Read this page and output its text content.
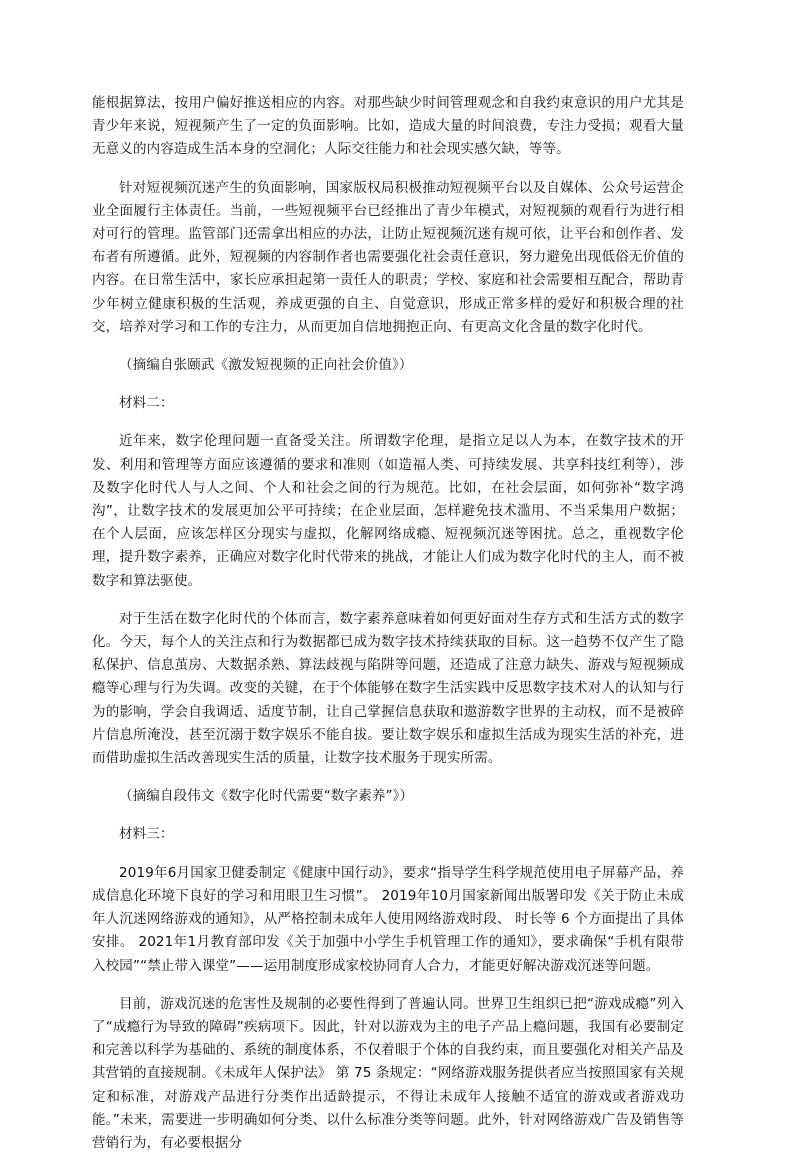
能根据算法，按用户偏好推送相应的内容。对那些缺少时间管理观念和自我约束意识的用户尤其是青少年来说，短视频产生了一定的负面影响。比如，造成大量的时间浪费，专注力受损；观看大量无意义的内容造成生活本身的空洞化；人际交往能力和社会现实感欠缺，等等。

针对短视频沉迷产生的负面影响，国家版权局积极推动短视频平台以及自媒体、公众号运营企业全面履行主体责任。当前，一些短视频平台已经推出了青少年模式，对短视频的观看行为进行相对可行的管理。监管部门还需拿出相应的办法，让防止短视频沉迷有规可依，让平台和创作者、发布者有所遵循。此外，短视频的内容制作者也需要强化社会责任意识，努力避免出现低俗无价值的内容。在日常生活中，家长应承担起第一责任人的职责；学校、家庭和社会需要相互配合，帮助青少年树立健康积极的生活观，养成更强的自主、自觉意识，形成正常多样的爱好和积极合理的社交，培养对学习和工作的专注力，从而更加自信地拥抱正向、有更高文化含量的数字化时代。

（摘编自张颐武《激发短视频的正向社会价值》）

材料二：

近年来，数字伦理问题一直备受关注。所谓数字伦理，是指立足以人为本，在数字技术的开发、利用和管理等方面应该遵循的要求和准则（如造福人类、可持续发展、共享科技红利等），涉及数字化时代人与人之间、个人和社会之间的行为规范。比如，在社会层面，如何弥补“数字鸿沟”，让数字技术的发展更加公平可持续；在企业层面，怎样避免技术滥用、不当采集用户数据；在个人层面，应该怎样区分现实与虚拟，化解网络成瘾、短视频沉迷等困扰。总之，重视数字伦理，提升数字素养，正确应对数字化时代带来的挑战，才能让人们成为数字化时代的主人，而不被数字和算法驱使。

对于生活在数字化时代的个体而言，数字素养意味着如何更好面对生存方式和生活方式的数字化。今天，每个人的关注点和行为数据都已成为数字技术持续获取的目标。这一趋势不仅产生了隐私保护、信息茧房、大数据杀熟、算法歧视与陷阱等问题，还造成了注意力缺失、游戏与短视频成瘾等心理与行为失调。改变的关键，在于个体能够在数字生活实践中反思数字技术对人的认知与行为的影响，学会自我调适、适度节制，让自己掌握信息获取和遨游数字世界的主动权，而不是被碎片信息所淹没，甚至沉溺于数字娱乐不能自拔。要让数字娱乐和虚拟生活成为现实生活的补充，进而借助虚拟生活改善现实生活的质量，让数字技术服务于现实所需。

（摘编自段伟文《数字化时代需要“数字素养”》）

材料三：

2019年6月国家卫健委制定《健康中国行动》，要求“指导学生科学规范使用电子屏幕产品，养成信息化环境下良好的学习和用眼卫生习惯”。 2019年10月国家新闻出版署印发《关于防止未成年人沉迷网络游戏的通知》，从严格控制未成年人使用网络游戏时段、 时长等 6 个方面提出了具体安排。 2021年1月教育部印发《关于加强中小学生手机管理工作的通知》，要求确保“手机有限带入校园”“禁止带入课堂”——运用制度形成家校协同育人合力，才能更好解决游戏沉迷等问题。

目前，游戏沉迷的危害性及规制的必要性得到了普遍认同。世界卫生组织已把“游戏成瘾”列入了“成瘾行为导致的障碍”疾病项下。因此，针对以游戏为主的电子产品上瘾问题，我国有必要制定和完善以科学为基础的、系统的制度体系，不仅着眼于个体的自我约束，而且要强化对相关产品及其营销的直接规制。《未成年人保护法》 第 75 条规定：“网络游戏服务提供者应当按照国家有关规定和标准，对游戏产品进行分类作出适龄提示，不得让未成年人接触不适宜的游戏或者游戏功能。”未来，需要进一步明确如何分类、以什么标准分类等问题。此外，针对网络游戏广告及销售等营销行为，有必要根据分
